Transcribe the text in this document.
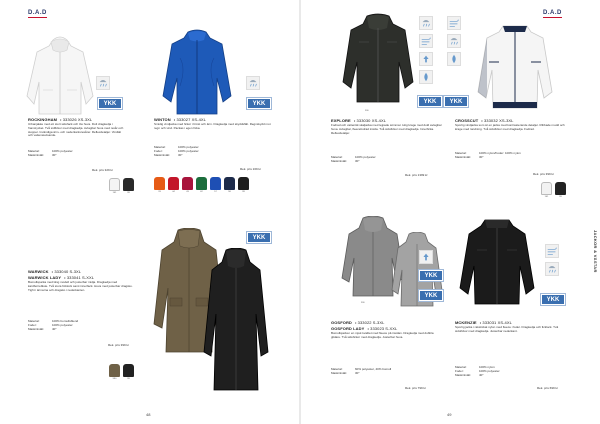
D.A.D
YKK
ROCKINGHAM • 333026 XS-3XL
Urbanjakke med ett stort sidofack och lös huva. Dolt dragkedja i framstycket. Två sidfickor med dragkedja. Avtagbar huva med resår och stopper. Invändiga ärm- och nederkantsresårer. Reflexdetaljer. Vindtät och vattenavvisande.
Material:	100% polyester
Maskintvätt:	30°
Rek. pris 329 kr
101	99
YKK
WINTON • 333027 XS-4XL
Smidig vindjacka med fickor i bröst och ärm. Dragkedja med skyddsfält. Regnskydd mot regn och vind. Packas i egen ficka.
Material:	100% polyester
Foder:	100% polyester
Maskintvätt:	30°
Rek. pris 169 kr
33	44	43	62	57	58	99
YKK
WARWICK • 333040 S-3XL
WARWICK LADY • 333041 S-XXL
Bomullsparka med lång modell och justerbar midja. Dragkedja med kardborrefäste. Två stora ficklock samt innerfack. Huva med justerbar dragsko. Tight i ärmarna och dragsko i nederkanten.
Material:	100% bomullsblend
Foder:	100% polyester
Maskintvätt:	40°
Rek. pris 399 kr
990	99
48
D.A.D
JACKOR & VÄSTAR
990
YKK
EXPLORE • 333030 XS-4XL
Fodrad och vattentät skaljacka med tejpade sömmar. Hög krage med dold avtagbar huva. Avtagbar, fleecefodrad insida. Två sidofickor med dragkedja. Innerficka. Reflexdetaljer.
Material:	100% polyester
Maskintvätt:	30°
Rek. pris 1399 kr
YKK
CROSSCUT • 333032 XS-3XL
Sportig vindjacka som är en jacka med kontrasterande detaljer. Ribbade mudd och krage med randning. Två sidofickor med dragkedja. Fodrad.
Material:	100% nylon/Foder: 100% nylon
Maskintvätt:	30°
Rek. pris 399 kr
101	99
990
YKK
YKK
GOSFORD • 333022 S-3XL
GOSFORD LADY • 333023 S-XXL
Bomullsjacka i en mjuk kvalitet med fleece på insidan. Dragkedja med dubbla glidare. Två sidofickor med dragkedja. Justerbar huva.
Material:	60% polyester, 40% bomull
Maskintvätt:	30°
Rek. pris 799 kr
YKK
MCKENZIE • 333031 XS-4XL
Sportig jacka i rakstickat nylon med fleece i foder. Dragkedja och ficklock. Två sidofickor med dragkedja. Justerbar nederkant.
Material:	100% nylon
Foder:	100% polyester
Maskintvätt:	40°
Rek. pris 699 kr
49
